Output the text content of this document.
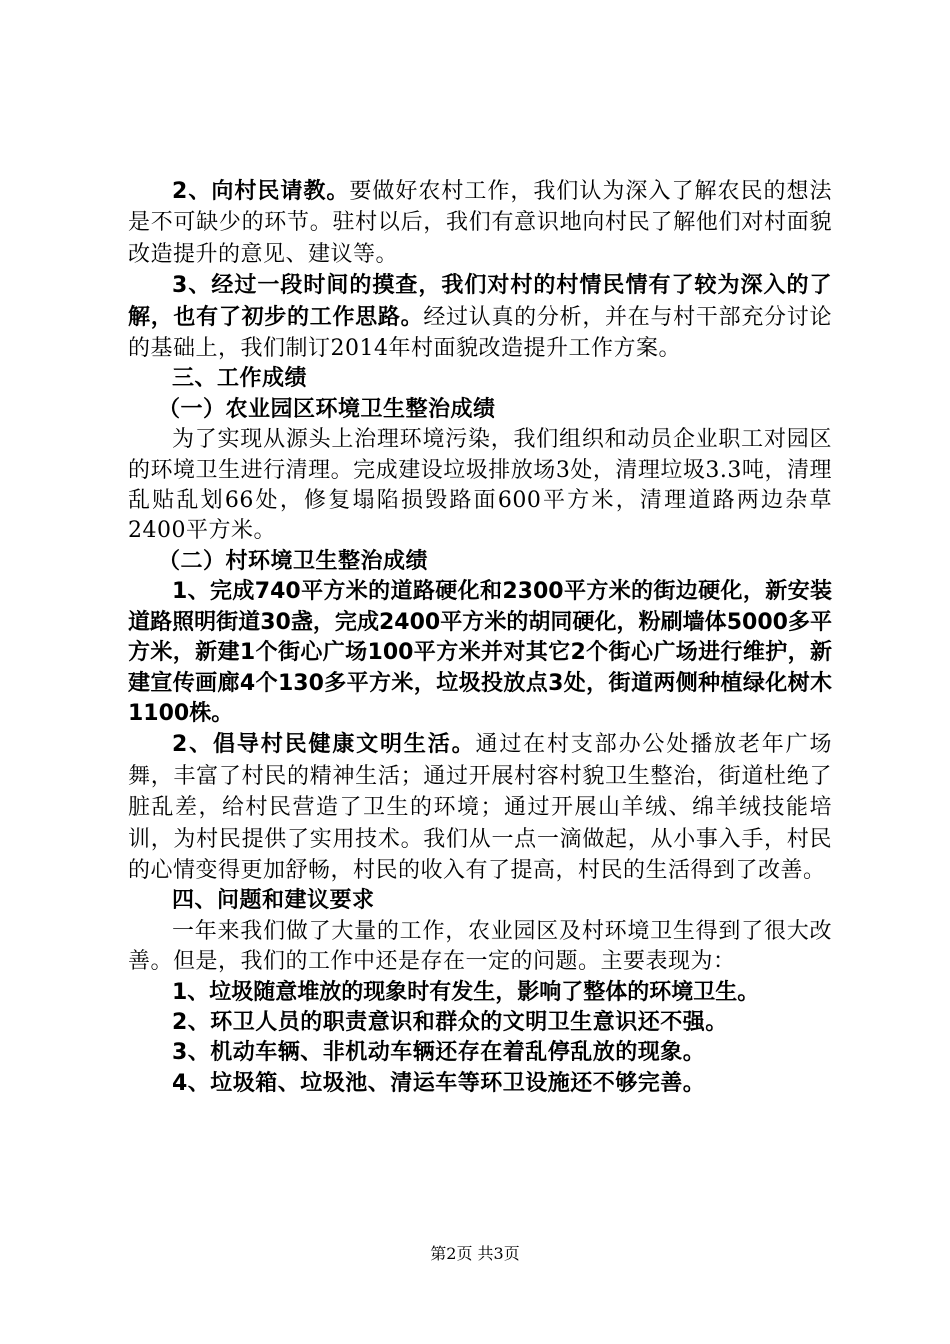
2、向村民请教。要做好农村工作，我们认为深入了解农民的想法是不可缺少的环节。驻村以后，我们有意识地向村民了解他们对村面貌改造提升的意见、建议等。

3、经过一段时间的摸查，我们对村的村情民情有了较为深入的了解，也有了初步的工作思路。经过认真的分析，并在与村干部充分讨论的基础上，我们制订2014年村面貌改造提升工作方案。

三、工作成绩

（一）农业园区环境卫生整治成绩

为了实现从源头上治理环境污染，我们组织和动员企业职工对园区的环境卫生进行清理。完成建设垃圾排放场3处，清理垃圾3.3吨，清理乱贴乱划66处，修复塌陷损毁路面600平方米，清理道路两边杂草2400平方米。

（二）村环境卫生整治成绩

1、完成740平方米的道路硬化和2300平方米的街边硬化，新安装道路照明街道30盏，完成2400平方米的胡同硬化，粉刷墙体5000多平方米，新建1个街心广场100平方米并对其它2个街心广场进行维护，新建宣传画廊4个130多平方米，垃圾投放点3处，街道两侧种植绿化树木1100株。

2、倡导村民健康文明生活。通过在村支部办公处播放老年广场舞，丰富了村民的精神生活；通过开展村容村貌卫生整治，街道杜绝了脏乱差，给村民营造了卫生的环境；通过开展山羊绒、绵羊绒技能培训，为村民提供了实用技术。我们从一点一滴做起，从小事入手，村民的心情变得更加舒畅，村民的收入有了提高，村民的生活得到了改善。

四、问题和建议要求

一年来我们做了大量的工作，农业园区及村环境卫生得到了很大改善。但是，我们的工作中还是存在一定的问题。主要表现为：

1、垃圾随意堆放的现象时有发生，影响了整体的环境卫生。

2、环卫人员的职责意识和群众的文明卫生意识还不强。

3、机动车辆、非机动车辆还存在着乱停乱放的现象。

4、垃圾箱、垃圾池、清运车等环卫设施还不够完善。

第2页 共3页
